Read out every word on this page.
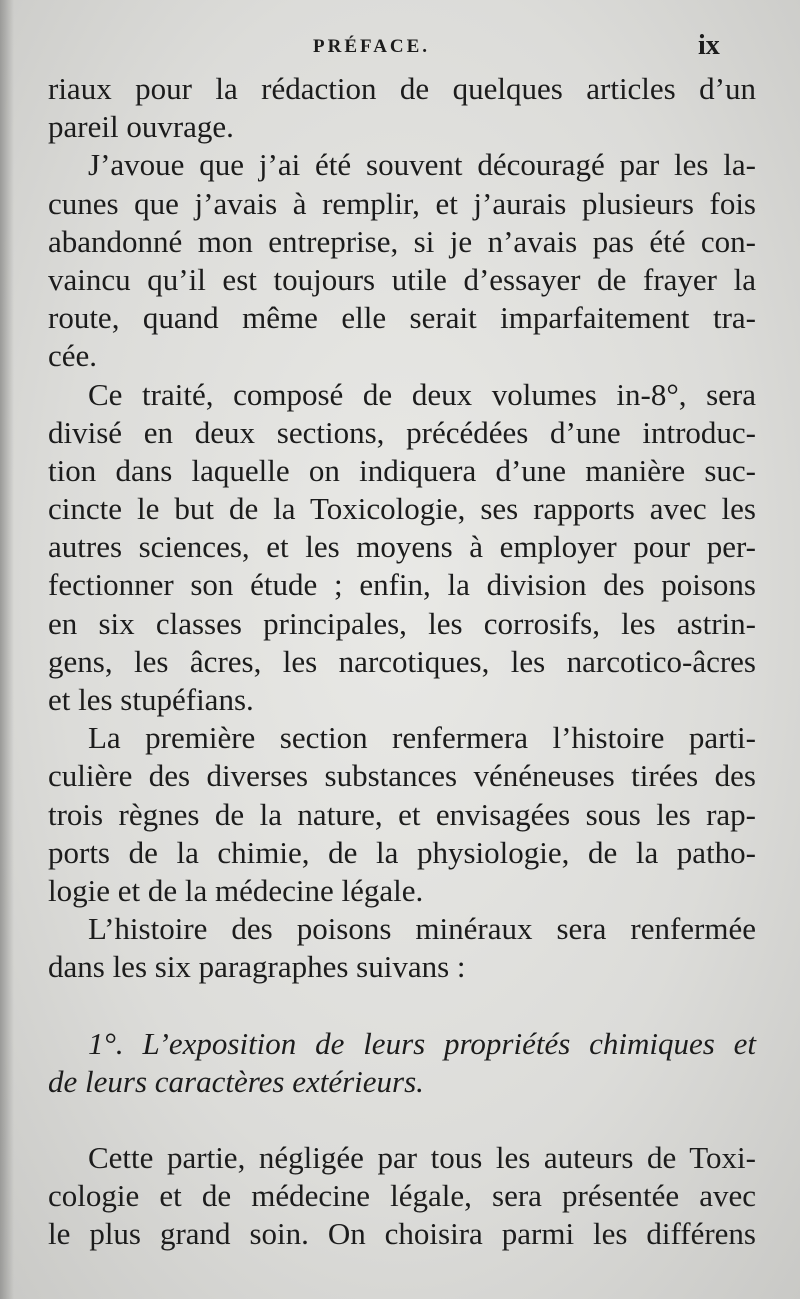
PRÉFACE.	ix
riaux pour la rédaction de quelques articles d’un
pareil ouvrage.
J’avoue que j’ai été souvent découragé par les la-
cunes que j’avais à remplir, et j’aurais plusieurs fois
abandonné mon entreprise, si je n’avais pas été con-
vaincu qu’il est toujours utile d’essayer de frayer la
route, quand même elle serait imparfaitement tra-
cée.
Ce traité, composé de deux volumes in-8°, sera
divisé en deux sections, précédées d’une introduc-
tion dans laquelle on indiquera d’une manière suc-
cincte le but de la Toxicologie, ses rapports avec les
autres sciences, et les moyens à employer pour per-
fectionner son étude ; enfin, la division des poisons
en six classes principales, les corrosifs, les astrin-
gens, les âcres, les narcotiques, les narcotico-âcres
et les stupéfians.
La première section renfermera l’histoire parti-
culière des diverses substances vénéneuses tirées des
trois règnes de la nature, et envisagées sous les rap-
ports de la chimie, de la physiologie, de la patho-
logie et de la médecine légale.
L’histoire des poisons minéraux sera renfermée
dans les six paragraphes suivans :
1°. L’exposition de leurs propriétés chimiques et
de leurs caractères extérieurs.
Cette partie, négligée par tous les auteurs de Toxi-
cologie et de médecine légale, sera présentée avec
le plus grand soin. On choisira parmi les différens
